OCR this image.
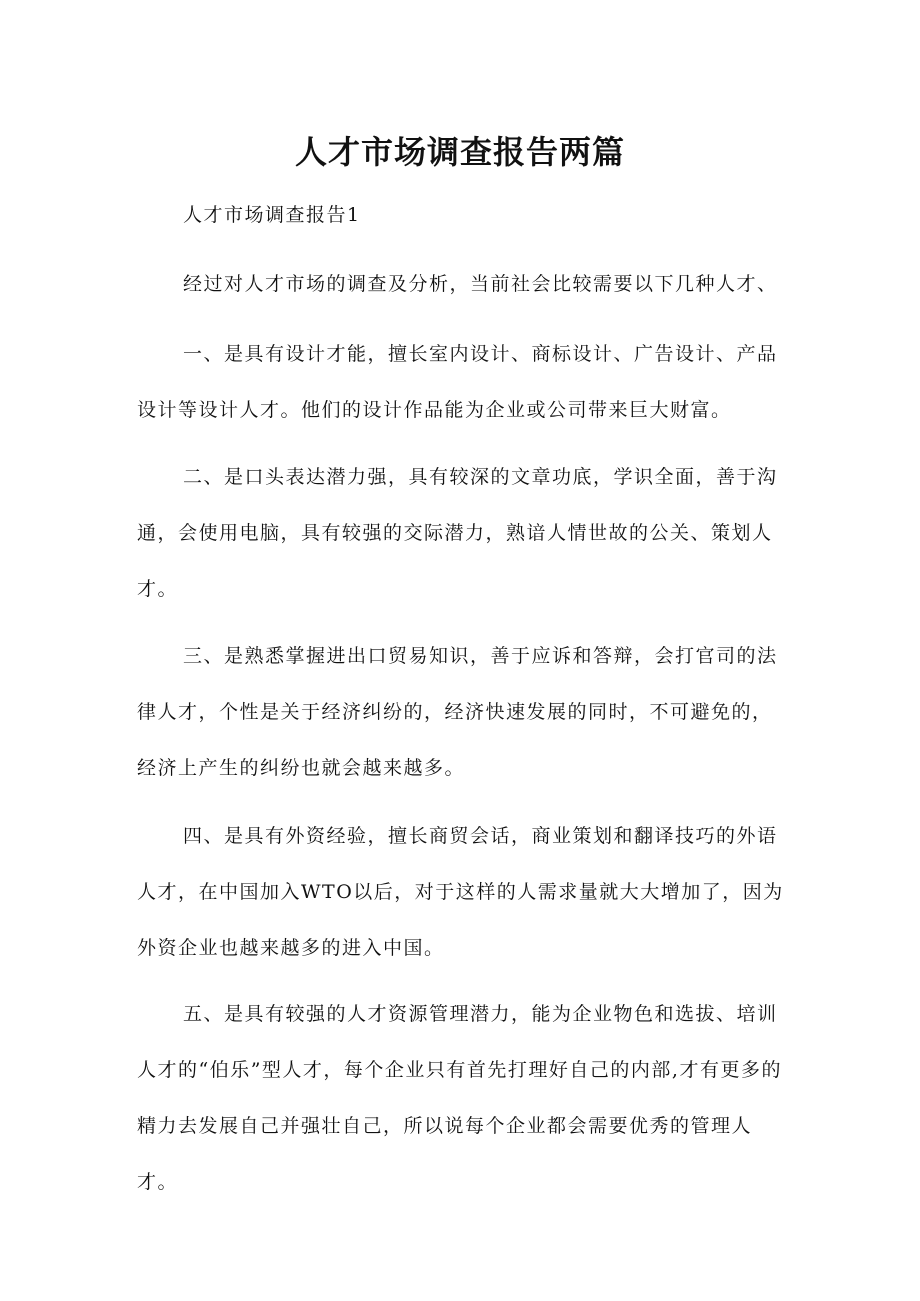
人才市场调查报告两篇

人才市场调查报告1

经过对人才市场的调查及分析，当前社会比较需要以下几种人才、

一、是具有设计才能，擅长室内设计、商标设计、广告设计、产品设计等设计人才。他们的设计作品能为企业或公司带来巨大财富。

二、是口头表达潜力强，具有较深的文章功底，学识全面，善于沟通，会使用电脑，具有较强的交际潜力，熟谙人情世故的公关、策划人才。

三、是熟悉掌握进出口贸易知识，善于应诉和答辩，会打官司的法律人才，个性是关于经济纠纷的，经济快速发展的同时，不可避免的，经济上产生的纠纷也就会越来越多。

四、是具有外资经验，擅长商贸会话，商业策划和翻译技巧的外语人才，在中国加入WTO以后，对于这样的人需求量就大大增加了，因为外资企业也越来越多的进入中国。

五、是具有较强的人才资源管理潜力，能为企业物色和选拔、培训人才的“伯乐”型人才，每个企业只有首先打理好自己的内部,才有更多的精力去发展自己并强壮自己，所以说每个企业都会需要优秀的管理人才。
